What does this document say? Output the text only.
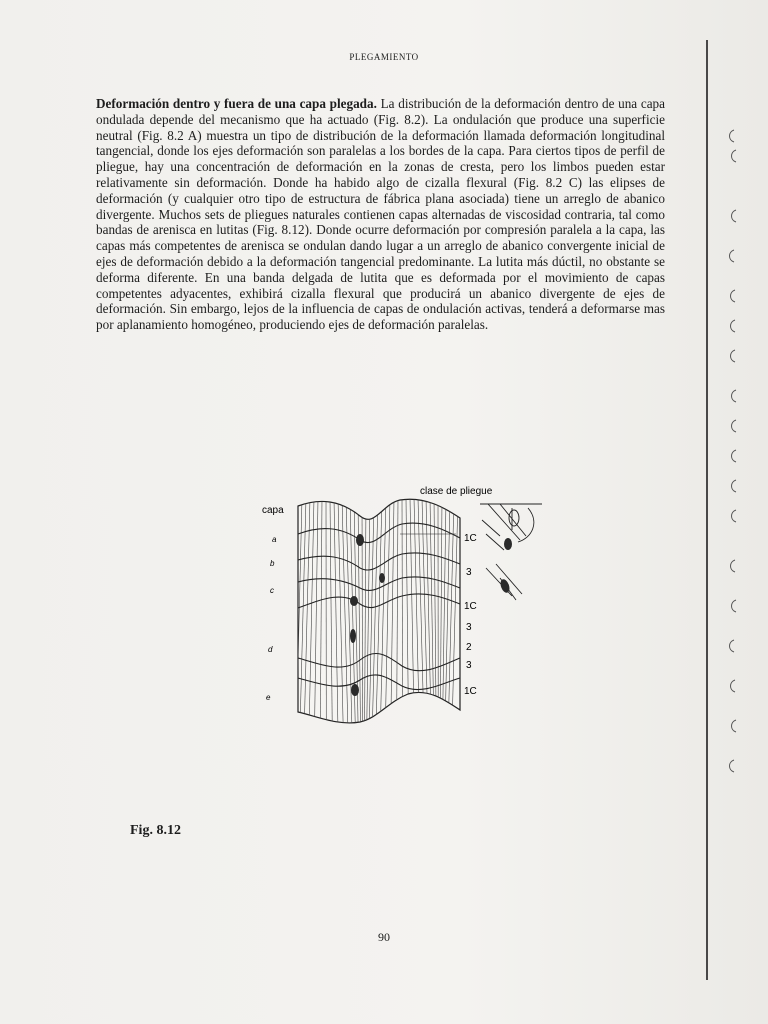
PLEGAMIENTO
Deformación dentro y fuera de una capa plegada. La distribución de la deformación dentro de una capa ondulada depende del mecanismo que ha actuado (Fig. 8.2). La ondulación que produce una superficie neutral (Fig. 8.2 A) muestra un tipo de distribución de la deformación llamada deformación longitudinal tangencial, donde los ejes deformación son paralelas a los bordes de la capa. Para ciertos tipos de perfil de pliegue, hay una concentración de deformación en la zonas de cresta, pero los limbos pueden estar relativamente sin deformación. Donde ha habido algo de cizalla flexural (Fig. 8.2 C) las elipses de deformación (y cualquier otro tipo de estructura de fábrica plana asociada) tiene un arreglo de abanico divergente. Muchos sets de pliegues naturales contienen capas alternadas de viscosidad contraria, tal como bandas de arenisca en lutitas (Fig. 8.12). Donde ocurre deformación por compresión paralela a la capa, las capas más competentes de arenisca se ondulan dando lugar a un arreglo de abanico convergente inicial de ejes de deformación debido a la deformación tangencial predominante. La lutita más dúctil, no obstante se deforma diferente. En una banda delgada de lutita que es deformada por el movimiento de capas competentes adyacentes, exhibirá cizalla flexural que producirá un abanico divergente de ejes de deformación. Sin embargo, lejos de la influencia de capas de ondulación activas, tenderá a deformarse mas por aplanamiento homogéneo, produciendo ejes de deformación paralelas.
capa
clase de pliegue
a
b
c
d
e
1C
3
1C
3
2
3
1C
Fig. 8.12
90
